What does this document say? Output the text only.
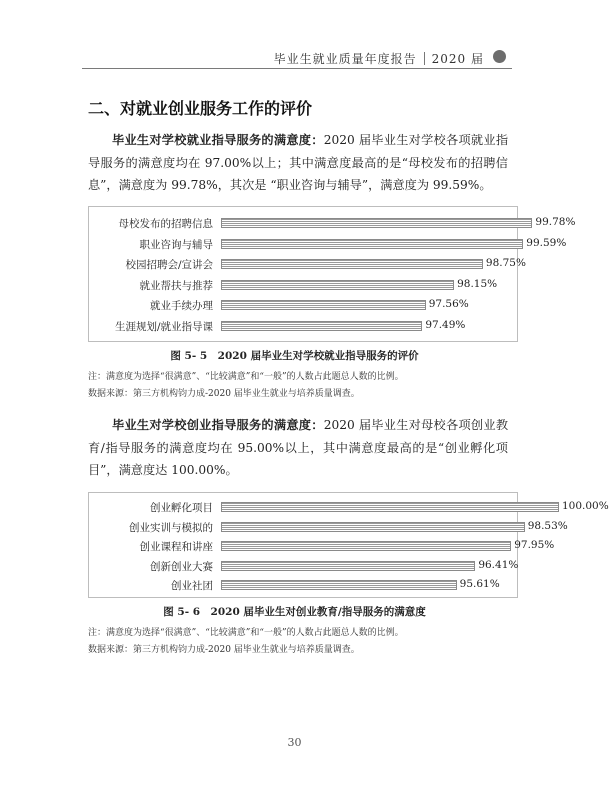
毕业生就业质量年度报告 2020 届
二、对就业创业服务工作的评价
毕业生对学校就业指导服务的满意度：2020 届毕业生对学校各项就业指导服务的满意度均在 97.00%以上；其中满意度最高的是“母校发布的招聘信息”，满意度为 99.78%，其次是 “职业咨询与辅导”，满意度为 99.59%。
母校发布的招聘信息	99.78%
职业咨询与辅导	99.59%
校园招聘会/宣讲会	98.75%
就业帮扶与推荐	98.15%
就业手续办理	97.56%
生涯规划/就业指导课	97.49%
图 5- 5　2020 届毕业生对学校就业指导服务的评价
注：满意度为选择“很满意”、“比较满意”和“一般”的人数占此题总人数的比例。
数据来源：第三方机构钧力成-2020 届毕业生就业与培养质量调查。
毕业生对学校创业指导服务的满意度：2020 届毕业生对母校各项创业教育/指导服务的满意度均在 95.00%以上，其中满意度最高的是“创业孵化项目”，满意度达 100.00%。
创业孵化项目	100.00%
创业实训与模拟的	98.53%
创业课程和讲座	97.95%
创新创业大赛	96.41%
创业社团	95.61%
图 5- 6　2020 届毕业生对创业教育/指导服务的满意度
注：满意度为选择“很满意”、“比较满意”和“一般”的人数占此题总人数的比例。
数据来源：第三方机构钧力成-2020 届毕业生就业与培养质量调查。
30
